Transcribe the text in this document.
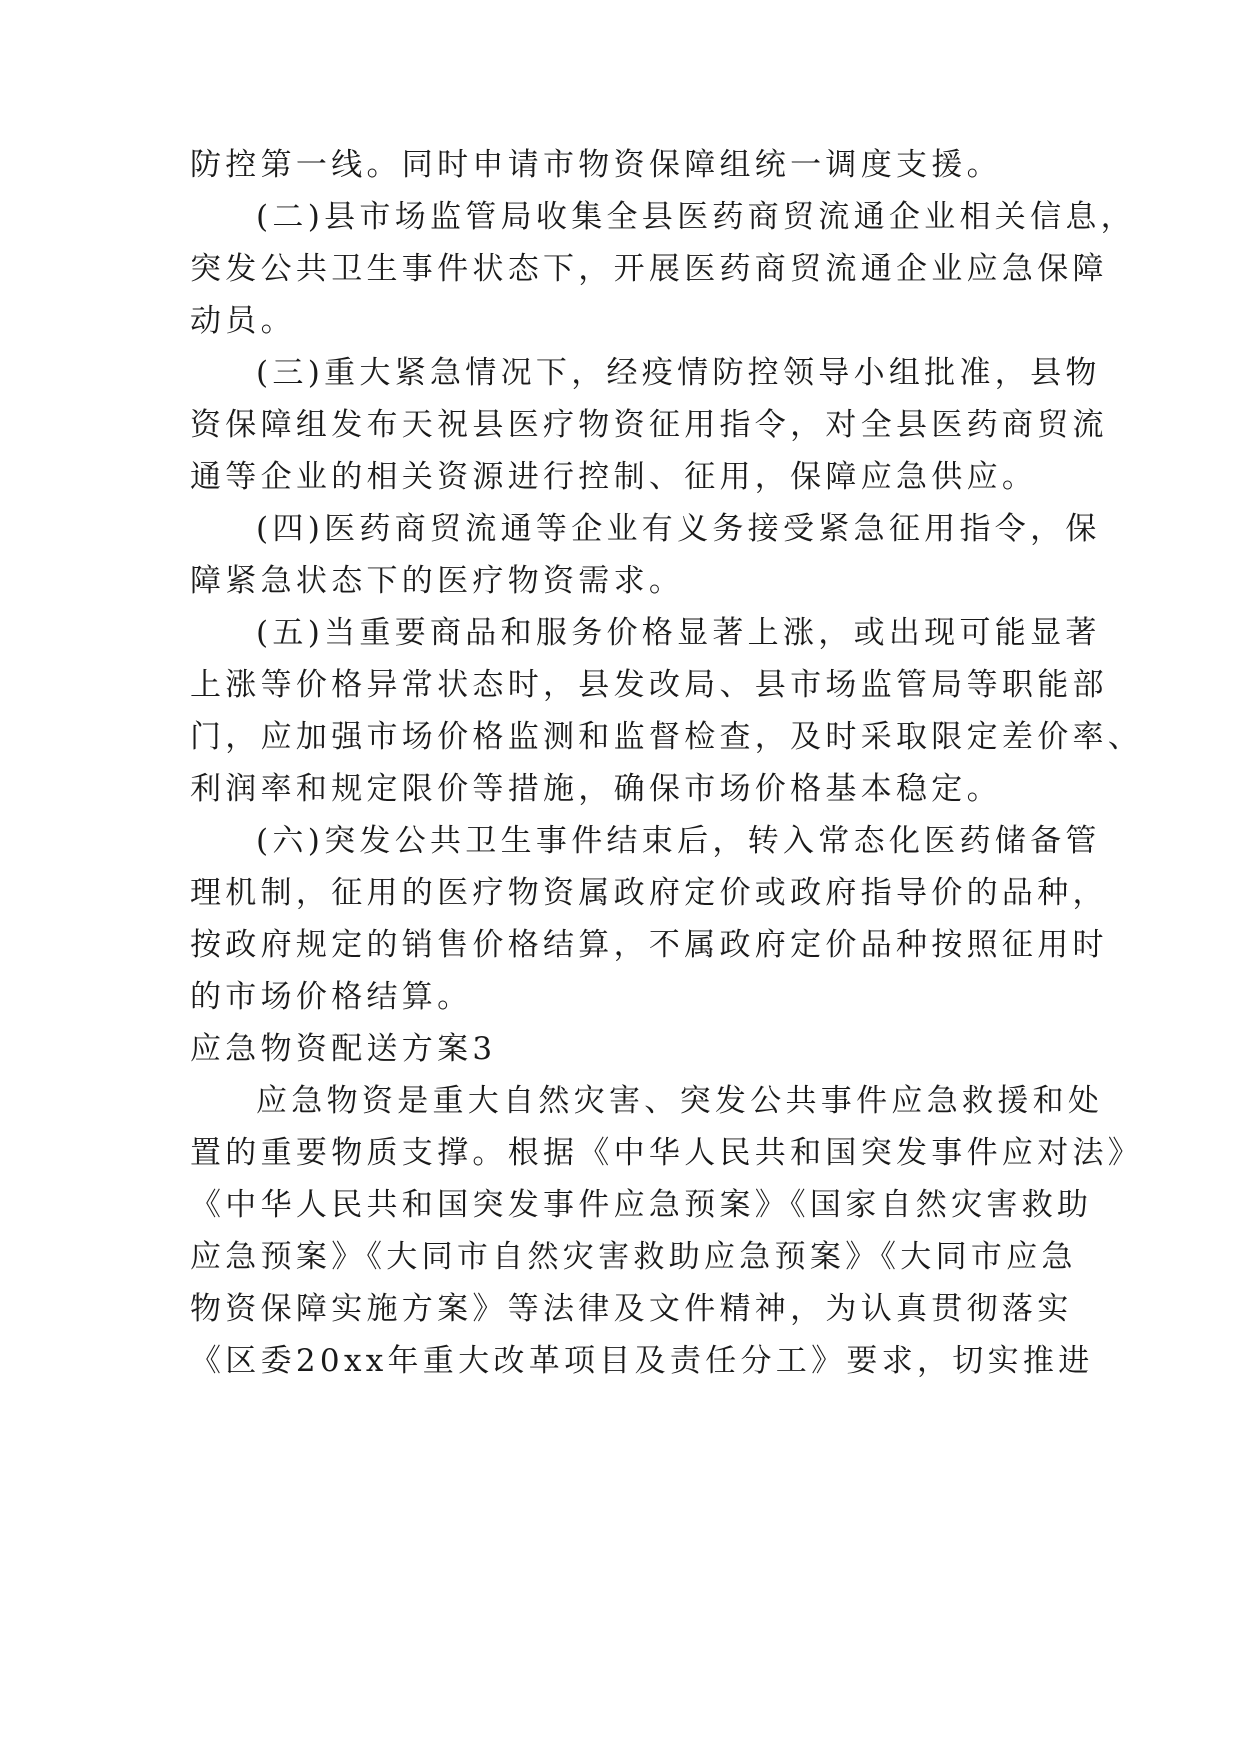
防控第一线。同时申请市物资保障组统一调度支援。
(二)县市场监管局收集全县医药商贸流通企业相关信息，
突发公共卫生事件状态下，开展医药商贸流通企业应急保障
动员。
(三)重大紧急情况下，经疫情防控领导小组批准，县物
资保障组发布天祝县医疗物资征用指令，对全县医药商贸流
通等企业的相关资源进行控制、征用，保障应急供应。
(四)医药商贸流通等企业有义务接受紧急征用指令，保
障紧急状态下的医疗物资需求。
(五)当重要商品和服务价格显著上涨，或出现可能显著
上涨等价格异常状态时，县发改局、县市场监管局等职能部
门，应加强市场价格监测和监督检查，及时采取限定差价率、
利润率和规定限价等措施，确保市场价格基本稳定。
(六)突发公共卫生事件结束后，转入常态化医药储备管
理机制，征用的医疗物资属政府定价或政府指导价的品种，
按政府规定的销售价格结算，不属政府定价品种按照征用时
的市场价格结算。
应急物资配送方案3
应急物资是重大自然灾害、突发公共事件应急救援和处
置的重要物质支撑。根据《中华人民共和国突发事件应对法》
《中华人民共和国突发事件应急预案》《国家自然灾害救助
应急预案》《大同市自然灾害救助应急预案》《大同市应急
物资保障实施方案》等法律及文件精神，为认真贯彻落实
《区委20xx年重大改革项目及责任分工》要求，切实推进
